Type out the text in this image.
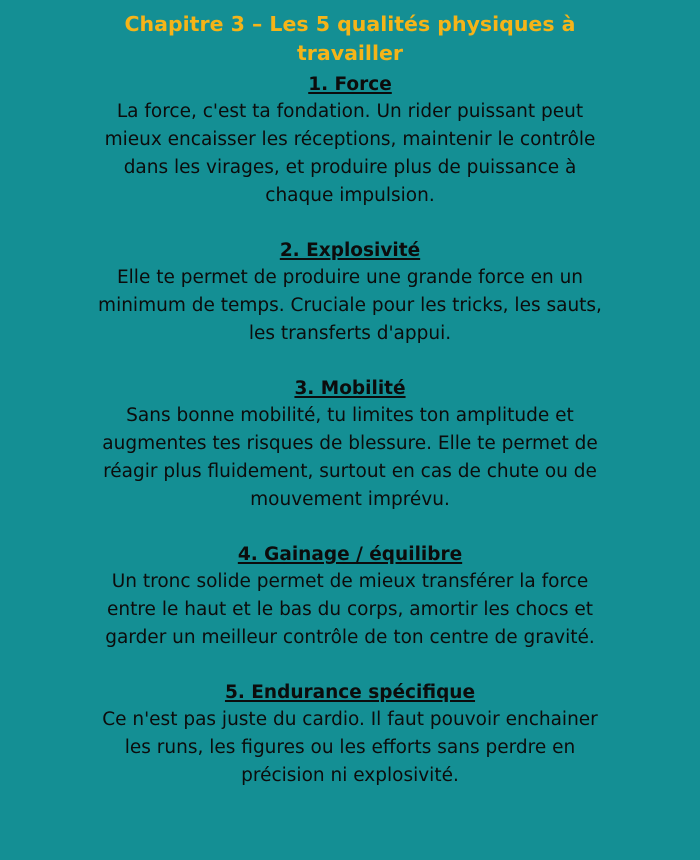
Chapitre 3 – Les 5 qualités physiques à travailler
1. Force

La force, c'est ta fondation. Un rider puissant peut mieux encaisser les réceptions, maintenir le contrôle dans les virages, et produire plus de puissance à chaque impulsion.

2. Explosivité

Elle te permet de produire une grande force en un minimum de temps. Cruciale pour les tricks, les sauts, les transferts d'appui.

3. Mobilité

Sans bonne mobilité, tu limites ton amplitude et augmentes tes risques de blessure. Elle te permet de réagir plus fluidement, surtout en cas de chute ou de mouvement imprévu.

4. Gainage / équilibre

Un tronc solide permet de mieux transférer la force entre le haut et le bas du corps, amortir les chocs et garder un meilleur contrôle de ton centre de gravité.

5. Endurance spécifique

Ce n'est pas juste du cardio. Il faut pouvoir enchainer les runs, les figures ou les efforts sans perdre en précision ni explosivité.
